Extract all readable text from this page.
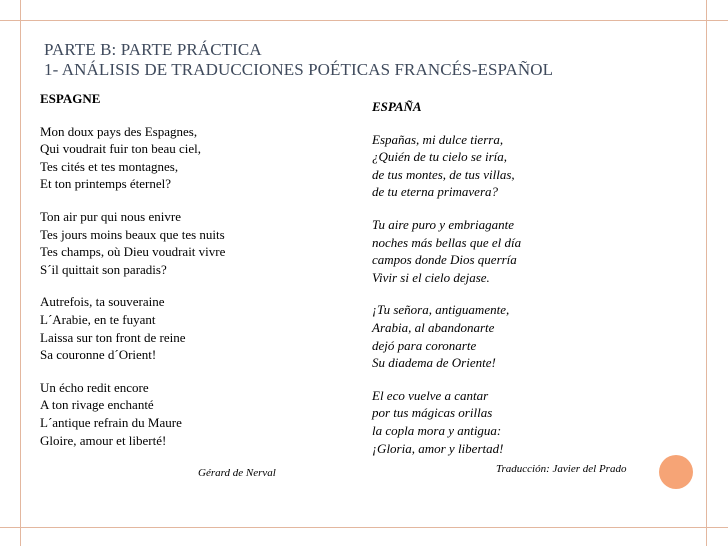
PARTE B: PARTE PRÁCTICA
1- ANÁLISIS DE TRADUCCIONES POÉTICAS FRANCÉS-ESPAÑOL
ESPAGNE
Mon doux pays des Espagnes,
Qui voudrait fuir ton beau ciel,
Tes cités et tes montagnes,
Et ton printemps éternel?
Ton air pur qui nous enivre
Tes jours moins beaux que tes nuits
Tes champs, où Dieu voudrait vivre
S´il quittait son paradis?
Autrefois, ta souveraine
L´Arabie, en te fuyant
Laissa sur ton front de reine
Sa couronne d´Orient!
Un écho redit encore
A ton rivage enchanté
L´antique refrain du Maure
Gloire, amour et liberté!
ESPAÑA
Españas, mi dulce tierra,
¿Quién de tu cielo se iría,
de tus montes, de tus villas,
de tu eterna primavera?
Tu aire puro y embriagante
noches más bellas que el día
campos donde Dios querría
Vivir si el cielo dejase.
¡Tu señora, antiguamente,
Arabia, al abandonarte
dejó para coronarte
Su diadema de Oriente!
El eco vuelve a cantar
por tus mágicas orillas
la copla mora y antigua:
¡Gloria, amor y libertad!
Gérard de Nerval	Traducción: Javier del Prado
